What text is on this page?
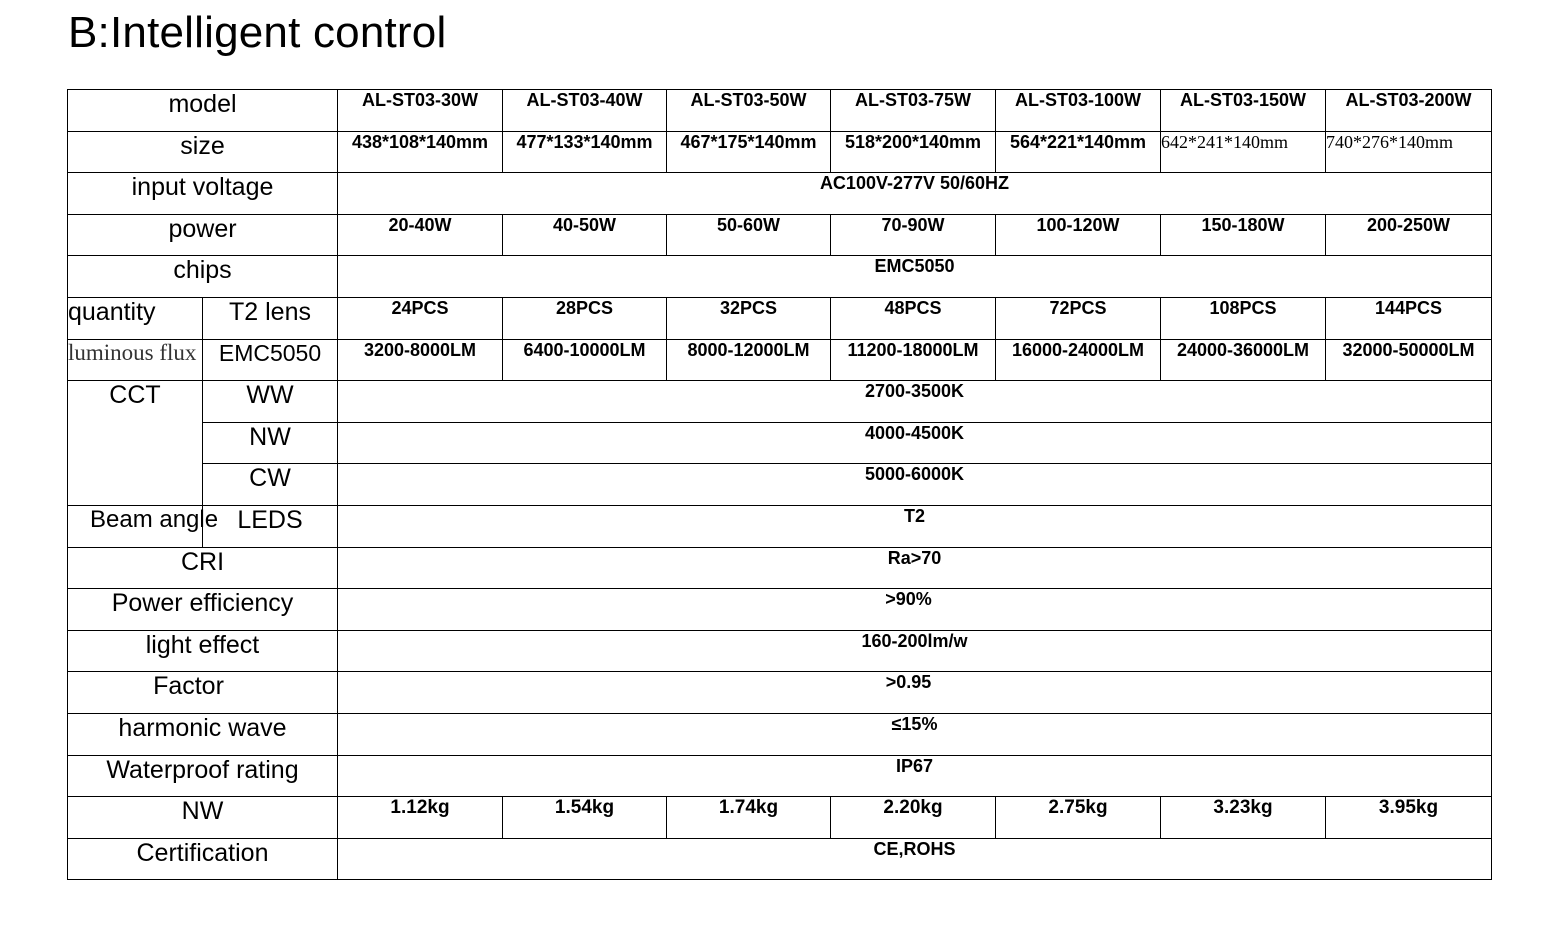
B:Intelligent control
model		AL-ST03-30W	AL-ST03-40W	AL-ST03-50W	AL-ST03-75W	AL-ST03-100W	AL-ST03-150W	AL-ST03-200W
size		438*108*140mm	477*133*140mm	467*175*140mm	518*200*140mm	564*221*140mm	642*241*140mm	740*276*140mm
input voltage		AC100V-277V 50/60HZ						
power		20-40W	40-50W	50-60W	70-90W	100-120W	150-180W	200-250W
chips		EMC5050						
quantity	T2 lens	24PCS	28PCS	32PCS	48PCS	72PCS	108PCS	144PCS
luminous flux	EMC5050	3200-8000LM	6400-10000LM	8000-12000LM	11200-18000LM	16000-24000LM	24000-36000LM	32000-50000LM
CCT	WW	2700-3500K						
	NW	4000-4500K						
	CW	5000-6000K						
Beam angle	LEDS	T2						
CRI		Ra>70						
Power efficiency		>90%						
light effect		160-200lm/w						
Factor		>0.95						
harmonic wave		≤15%						
Waterproof rating		IP67						
NW		1.12kg	1.54kg	1.74kg	2.20kg	2.75kg	3.23kg	3.95kg
Certification		CE,ROHS						
